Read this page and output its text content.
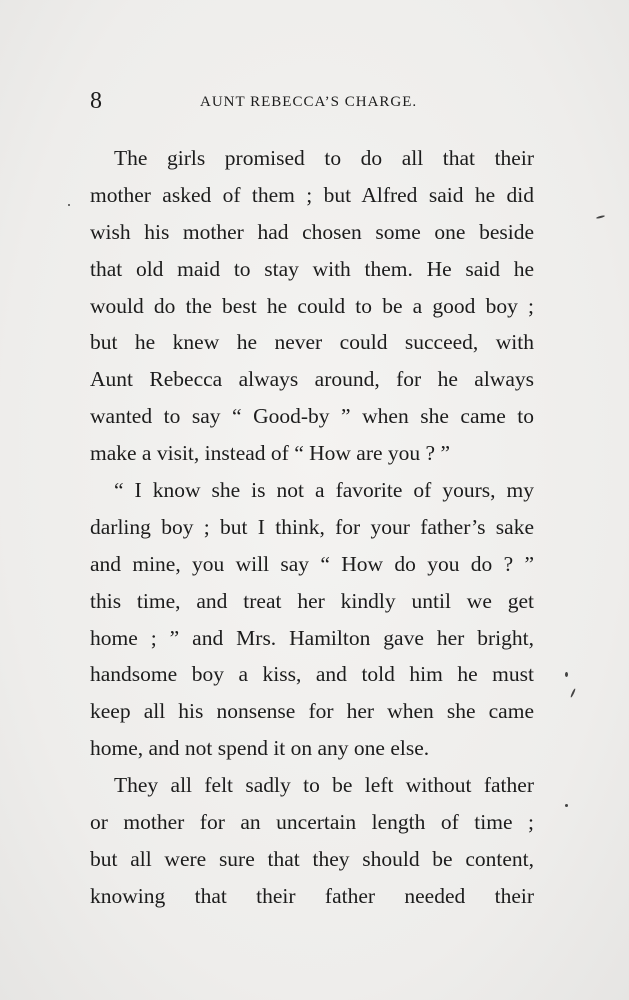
8	AUNT REBECCA’S CHARGE.
The girls promised to do all that their
mother asked of them ; but Alfred said he did
wish his mother had chosen some one beside
that old maid to stay with them. He said he
would do the best he could to be a good boy ;
but he knew he never could succeed, with
Aunt Rebecca always around, for he always
wanted to say “ Good-by ” when she came to
make a visit, instead of “ How are you ? ”
“ I know she is not a favorite of yours, my
darling boy ; but I think, for your father’s sake
and mine, you will say “ How do you do ? ”
this time, and treat her kindly until we get
home ; ” and Mrs. Hamilton gave her bright,
handsome boy a kiss, and told him he must
keep all his nonsense for her when she came
home, and not spend it on any one else.
They all felt sadly to be left without father
or mother for an uncertain length of time ;
but all were sure that they should be content,
knowing that their father needed their
